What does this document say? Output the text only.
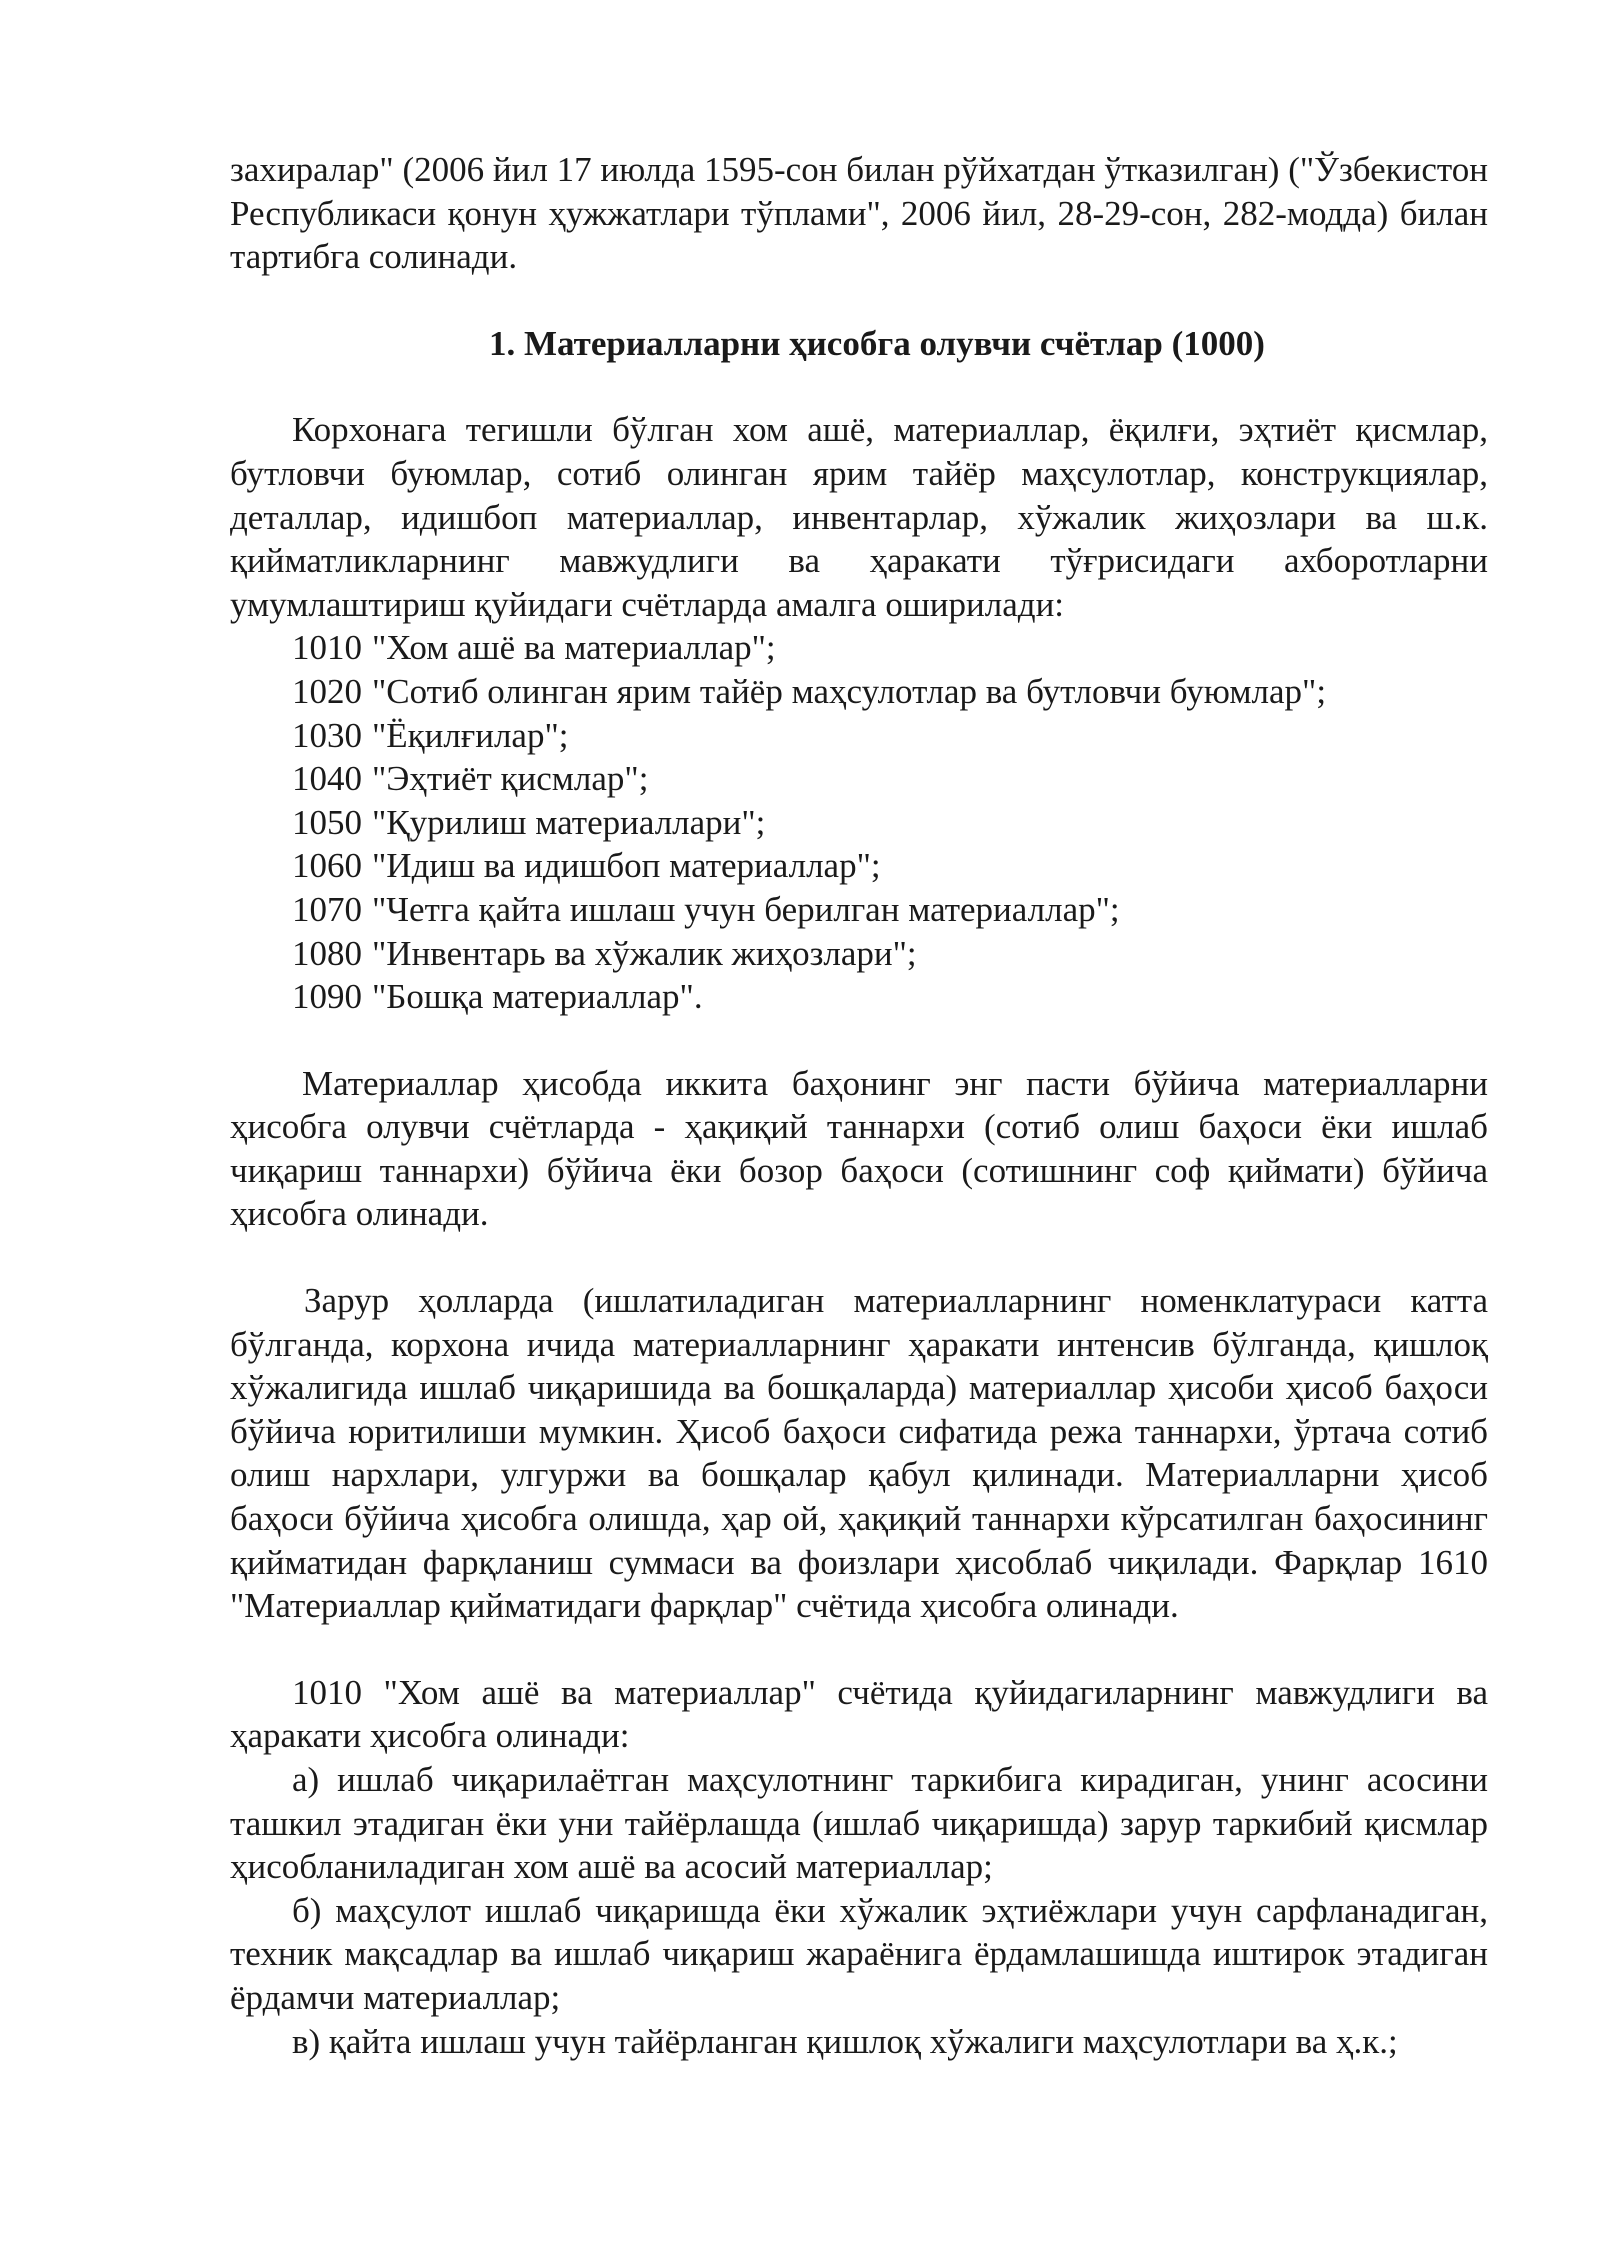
захиралар" (2006 йил 17 июлда 1595-сон билан рўйхатдан ўтказилган) ("Ўзбекистон Республикаси қонун ҳужжатлари тўплами", 2006 йил, 28-29-сон, 282-модда) билан тартибга солинади.

1. Материалларни ҳисобга олувчи счётлар (1000)

Корхонага тегишли бўлган хом ашё, материаллар, ёқилғи, эҳтиёт қисмлар, бутловчи буюмлар, сотиб олинган ярим тайёр маҳсулотлар, конструкциялар, деталлар, идишбоп материаллар, инвентарлар, хўжалик жиҳозлари ва ш.к. қийматликларнинг мавжудлиги ва ҳаракати тўғрисидаги ахборотларни умумлаштириш қуйидаги счётларда амалга оширилади:

1010 "Хом ашё ва материаллар";

1020 "Сотиб олинган ярим тайёр маҳсулотлар ва бутловчи буюмлар";

1030 "Ёқилғилар";

1040 "Эҳтиёт қисмлар";

1050 "Қурилиш материаллари";

1060 "Идиш ва идишбоп материаллар";

1070 "Четга қайта ишлаш учун берилган материаллар";

1080 "Инвентарь ва хўжалик жиҳозлари";

1090 "Бошқа материаллар".

Материаллар ҳисобда иккита баҳонинг энг пасти бўйича материалларни ҳисобга олувчи счётларда - ҳақиқий таннархи (сотиб олиш баҳоси ёки ишлаб чиқариш таннархи) бўйича ёки бозор баҳоси (сотишнинг соф қиймати) бўйича ҳисобга олинади.

Зарур ҳолларда (ишлатиладиган материалларнинг номенклатураси катта бўлганда, корхона ичида материалларнинг ҳаракати интенсив бўлганда, қишлоқ хўжалигида ишлаб чиқаришида ва бошқаларда) материаллар ҳисоби ҳисоб баҳоси бўйича юритилиши мумкин. Ҳисоб баҳоси сифатида режа таннархи, ўртача сотиб олиш нархлари, улгуржи ва бошқалар қабул қилинади. Материалларни ҳисоб баҳоси бўйича ҳисобга олишда, ҳар ой, ҳақиқий таннархи кўрсатилган баҳосининг қийматидан фарқланиш суммаси ва фоизлари ҳисоблаб чиқилади. Фарқлар 1610 "Материаллар қийматидаги фарқлар" счётида ҳисобга олинади.

1010 "Хом ашё ва материаллар" счётида қуйидагиларнинг мавжудлиги ва ҳаракати ҳисобга олинади:

а) ишлаб чиқарилаётган маҳсулотнинг таркибига кирадиган, унинг асосини ташкил этадиган ёки уни тайёрлашда (ишлаб чиқаришда) зарур таркибий қисмлар ҳисобланиладиган хом ашё ва асосий материаллар;

б) маҳсулот ишлаб чиқаришда ёки хўжалик эҳтиёжлари учун сарфланадиган, техник мақсадлар ва ишлаб чиқариш жараёнига ёрдамлашишда иштирок этадиган ёрдамчи материаллар;

в) қайта ишлаш учун тайёрланган қишлоқ хўжалиги маҳсулотлари ва ҳ.к.;
